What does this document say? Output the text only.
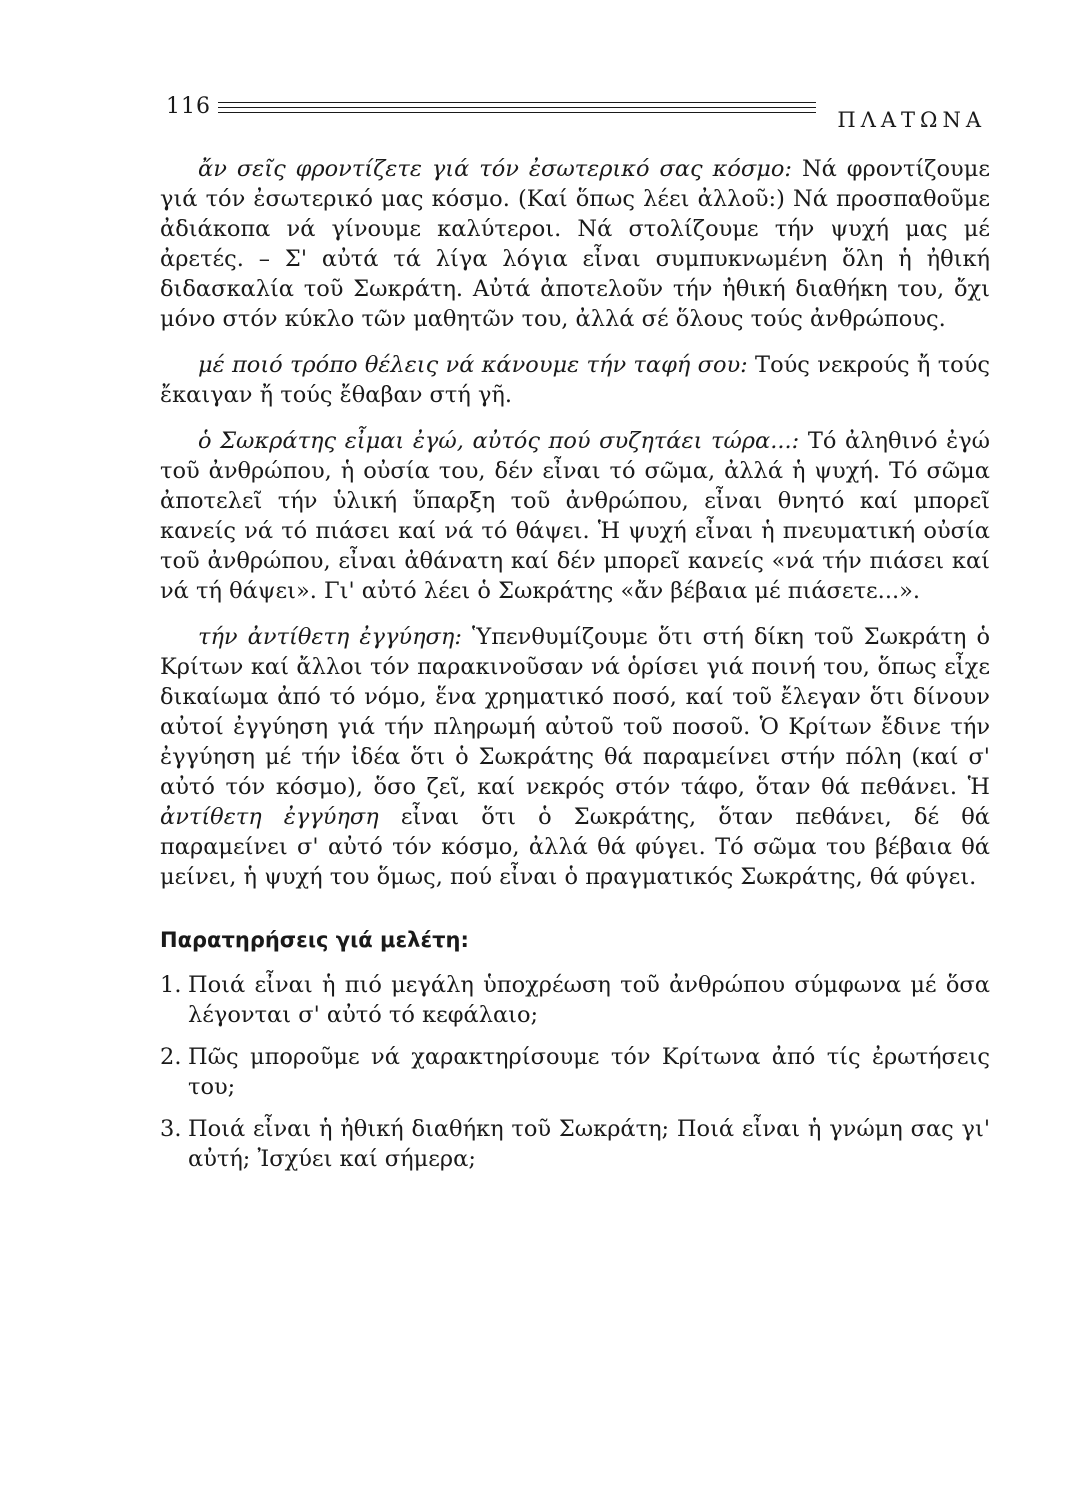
116
ΠΛΑΤΩΝΑ

ἄν σεῖς φροντίζετε γιά τόν ἐσωτερικό σας κόσμο: Νά φροντίζουμε γιά τόν ἐσωτερικό μας κόσμο. (Καί ὅπως λέει ἀλλοῦ:) Νά προσπαθοῦμε ἀδιάκοπα νά γίνουμε καλύτεροι. Νά στολίζουμε τήν ψυχή μας μέ ἀρετές. – Σ' αὐτά τά λίγα λόγια εἶναι συμπυκνωμένη ὅλη ἡ ἠθική διδασκαλία τοῦ Σωκράτη. Αὐτά ἀποτελοῦν τήν ἠθική διαθήκη του, ὄχι μόνο στόν κύκλο τῶν μαθητῶν του, ἀλλά σέ ὅλους τούς ἀνθρώπους.

μέ ποιό τρόπο θέλεις νά κάνουμε τήν ταφή σου: Τούς νεκρούς ἤ τούς ἔκαιγαν ἤ τούς ἔθαβαν στή γῆ.

ὁ Σωκράτης εἶμαι ἐγώ, αὐτός πού συζητάει τώρα...: Τό ἀληθινό ἐγώ τοῦ ἀνθρώπου, ἡ οὐσία του, δέν εἶναι τό σῶμα, ἀλλά ἡ ψυχή. Τό σῶμα ἀποτελεῖ τήν ὑλική ὕπαρξη τοῦ ἀνθρώπου, εἶναι θνητό καί μπορεῖ κανείς νά τό πιάσει καί νά τό θάψει. Ἡ ψυχή εἶναι ἡ πνευματική οὐσία τοῦ ἀνθρώπου, εἶναι ἀθάνατη καί δέν μπορεῖ κανείς «νά τήν πιάσει καί νά τή θάψει». Γι' αὐτό λέει ὁ Σωκράτης «ἄν βέβαια μέ πιάσετε...».

τήν ἀντίθετη ἐγγύηση: Ὑπενθυμίζουμε ὅτι στή δίκη τοῦ Σωκράτη ὁ Κρίτων καί ἄλλοι τόν παρακινοῦσαν νά ὁρίσει γιά ποινή του, ὅπως εἶχε δικαίωμα ἀπό τό νόμο, ἕνα χρηματικό ποσό, καί τοῦ ἔλεγαν ὅτι δίνουν αὐτοί ἐγγύηση γιά τήν πληρωμή αὐτοῦ τοῦ ποσοῦ. Ὁ Κρίτων ἔδινε τήν ἐγγύηση μέ τήν ἰδέα ὅτι ὁ Σωκράτης θά παραμείνει στήν πόλη (καί σ' αὐτό τόν κόσμο), ὅσο ζεῖ, καί νεκρός στόν τάφο, ὅταν θά πεθάνει. Ἡ ἀντίθετη ἐγγύηση εἶναι ὅτι ὁ Σωκράτης, ὅταν πεθάνει, δέ θά παραμείνει σ' αὐτό τόν κόσμο, ἀλλά θά φύγει. Τό σῶμα του βέβαια θά μείνει, ἡ ψυχή του ὅμως, πού εἶναι ὁ πραγματικός Σωκράτης, θά φύγει.

Παρατηρήσεις γιά μελέτη:
1. Ποιά εἶναι ἡ πιό μεγάλη ὑποχρέωση τοῦ ἀνθρώπου σύμφωνα μέ ὅσα λέγονται σ' αὐτό τό κεφάλαιο;
2. Πῶς μποροῦμε νά χαρακτηρίσουμε τόν Κρίτωνα ἀπό τίς ἐρωτήσεις του;
3. Ποιά εἶναι ἡ ἠθική διαθήκη τοῦ Σωκράτη; Ποιά εἶναι ἡ γνώμη σας γι' αὐτή; Ἰσχύει καί σήμερα;
